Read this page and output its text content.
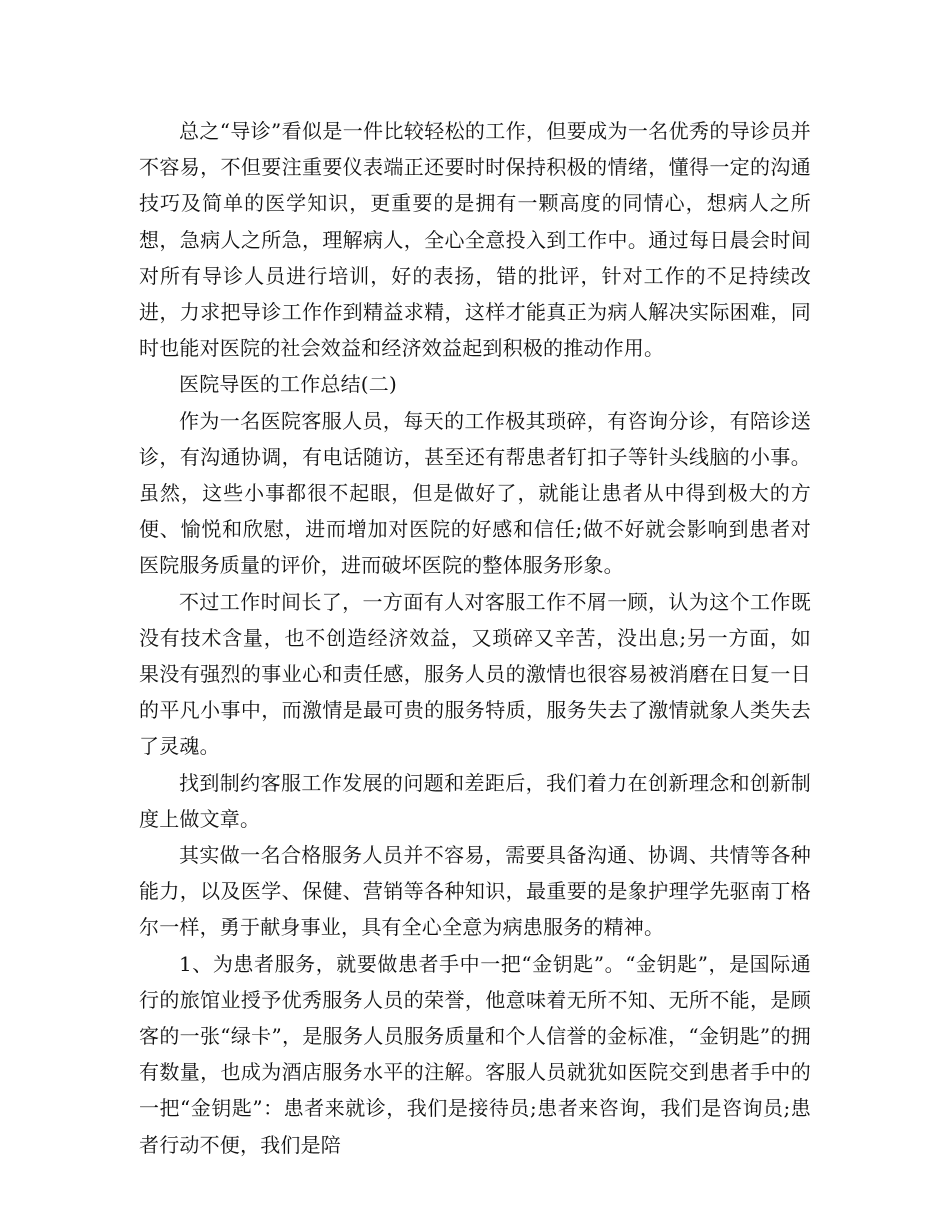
总之“导诊”看似是一件比较轻松的工作，但要成为一名优秀的导诊员并不容易，不但要注重要仪表端正还要时时保持积极的情绪，懂得一定的沟通技巧及简单的医学知识，更重要的是拥有一颗高度的同情心，想病人之所想，急病人之所急，理解病人，全心全意投入到工作中。通过每日晨会时间对所有导诊人员进行培训，好的表扬，错的批评，针对工作的不足持续改进，力求把导诊工作作到精益求精，这样才能真正为病人解决实际困难，同时也能对医院的社会效益和经济效益起到积极的推动作用。

医院导医的工作总结(二)

作为一名医院客服人员，每天的工作极其琐碎，有咨询分诊，有陪诊送诊，有沟通协调，有电话随访，甚至还有帮患者钉扣子等针头线脑的小事。虽然，这些小事都很不起眼，但是做好了，就能让患者从中得到极大的方便、愉悦和欣慰，进而增加对医院的好感和信任;做不好就会影响到患者对医院服务质量的评价，进而破坏医院的整体服务形象。

不过工作时间长了，一方面有人对客服工作不屑一顾，认为这个工作既没有技术含量，也不创造经济效益，又琐碎又辛苦，没出息;另一方面，如果没有强烈的事业心和责任感，服务人员的激情也很容易被消磨在日复一日的平凡小事中，而激情是最可贵的服务特质，服务失去了激情就象人类失去了灵魂。

找到制约客服工作发展的问题和差距后，我们着力在创新理念和创新制度上做文章。

其实做一名合格服务人员并不容易，需要具备沟通、协调、共情等各种能力，以及医学、保健、营销等各种知识，最重要的是象护理学先驱南丁格尔一样，勇于献身事业，具有全心全意为病患服务的精神。

1、为患者服务，就要做患者手中一把“金钥匙”。“金钥匙”，是国际通行的旅馆业授予优秀服务人员的荣誉，他意味着无所不知、无所不能，是顾客的一张“绿卡”，是服务人员服务质量和个人信誉的金标准，“金钥匙”的拥有数量，也成为酒店服务水平的注解。客服人员就犹如医院交到患者手中的一把“金钥匙”：患者来就诊，我们是接待员;患者来咨询，我们是咨询员;患者行动不便，我们是陪
